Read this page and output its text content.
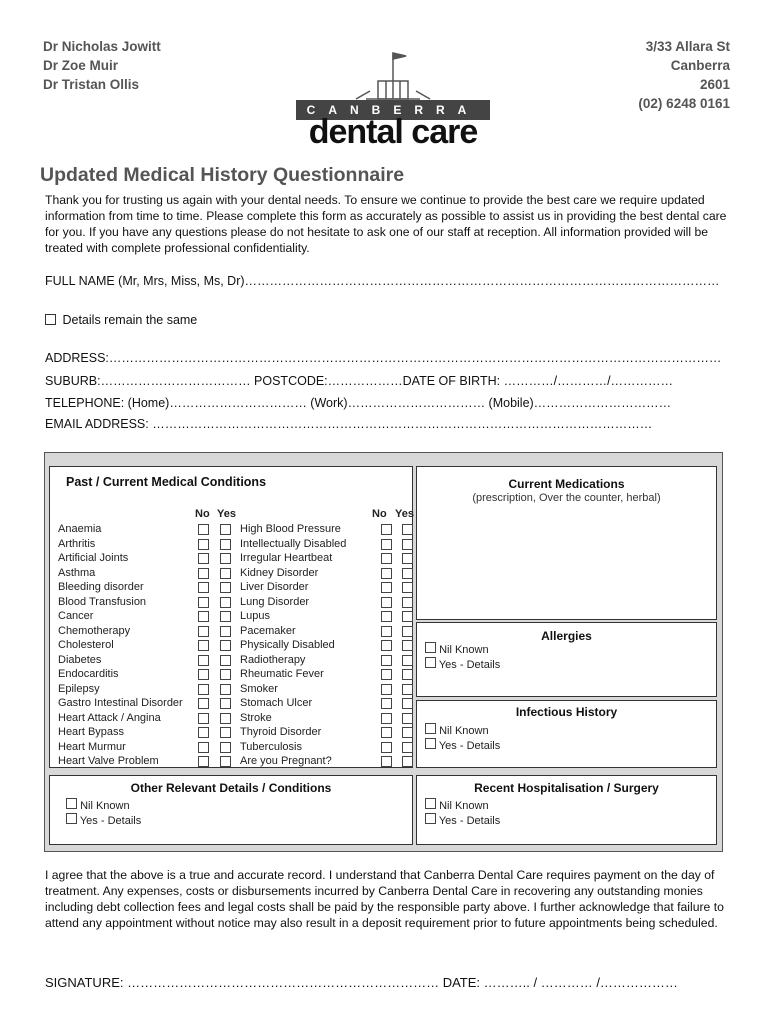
Dr Nicholas Jowitt
Dr Zoe Muir
Dr Tristan Ollis
3/33 Allara St
Canberra
2601
(02) 6248 0161
CANBERRA
dental care
Updated Medical History Questionnaire
Thank you for trusting us again with your dental needs. To ensure we continue to provide the best care we require updated information from time to time. Please complete this form as accurately as possible to assist us in providing the best dental care for you. If you have any questions please do not hesitate to ask one of our staff at reception. All information provided will be treated with complete professional confidentiality.
FULL NAME (Mr, Mrs, Miss, Ms, Dr)……………………………………………………………………………………………………
Details remain the same
ADDRESS:…………………………………………………………………………………………………………………………………
SUBURB:……………………………… POSTCODE:………………DATE OF BIRTH: …………/…………/……………
TELEPHONE: (Home)…………………………… (Work)…………………………… (Mobile)……………………………
EMAIL ADDRESS: …………………………………………………………………………………………………………
Past / Current Medical Conditions
No Yes	No Yes
Anaemia	High Blood Pressure
Arthritis	Intellectually Disabled
Artificial Joints	Irregular Heartbeat
Asthma	Kidney Disorder
Bleeding disorder	Liver Disorder
Blood Transfusion	Lung Disorder
Cancer	Lupus
Chemotherapy	Pacemaker
Cholesterol	Physically Disabled
Diabetes	Radiotherapy
Endocarditis	Rheumatic Fever
Epilepsy	Smoker
Gastro Intestinal Disorder	Stomach Ulcer
Heart Attack / Angina	Stroke
Heart Bypass	Thyroid Disorder
Heart Murmur	Tuberculosis
Heart Valve Problem	Are you Pregnant?
Current Medications
(prescription, Over the counter, herbal)
Allergies
Nil Known
Yes - Details
Infectious History
Nil Known
Yes - Details
Other Relevant Details / Conditions
Nil Known
Yes - Details
Recent Hospitalisation / Surgery
Nil Known
Yes - Details
I agree that the above is a true and accurate record. I understand that Canberra Dental Care requires payment on the day of treatment. Any expenses, costs or disbursements incurred by Canberra Dental Care in recovering any outstanding monies including debt collection fees and legal costs shall be paid by the responsible party above. I further acknowledge that failure to attend any appointment without notice may also result in a deposit requirement prior to future appointments being scheduled.
SIGNATURE: ……………………………………………………………… DATE: ……….. / ………… /………………
